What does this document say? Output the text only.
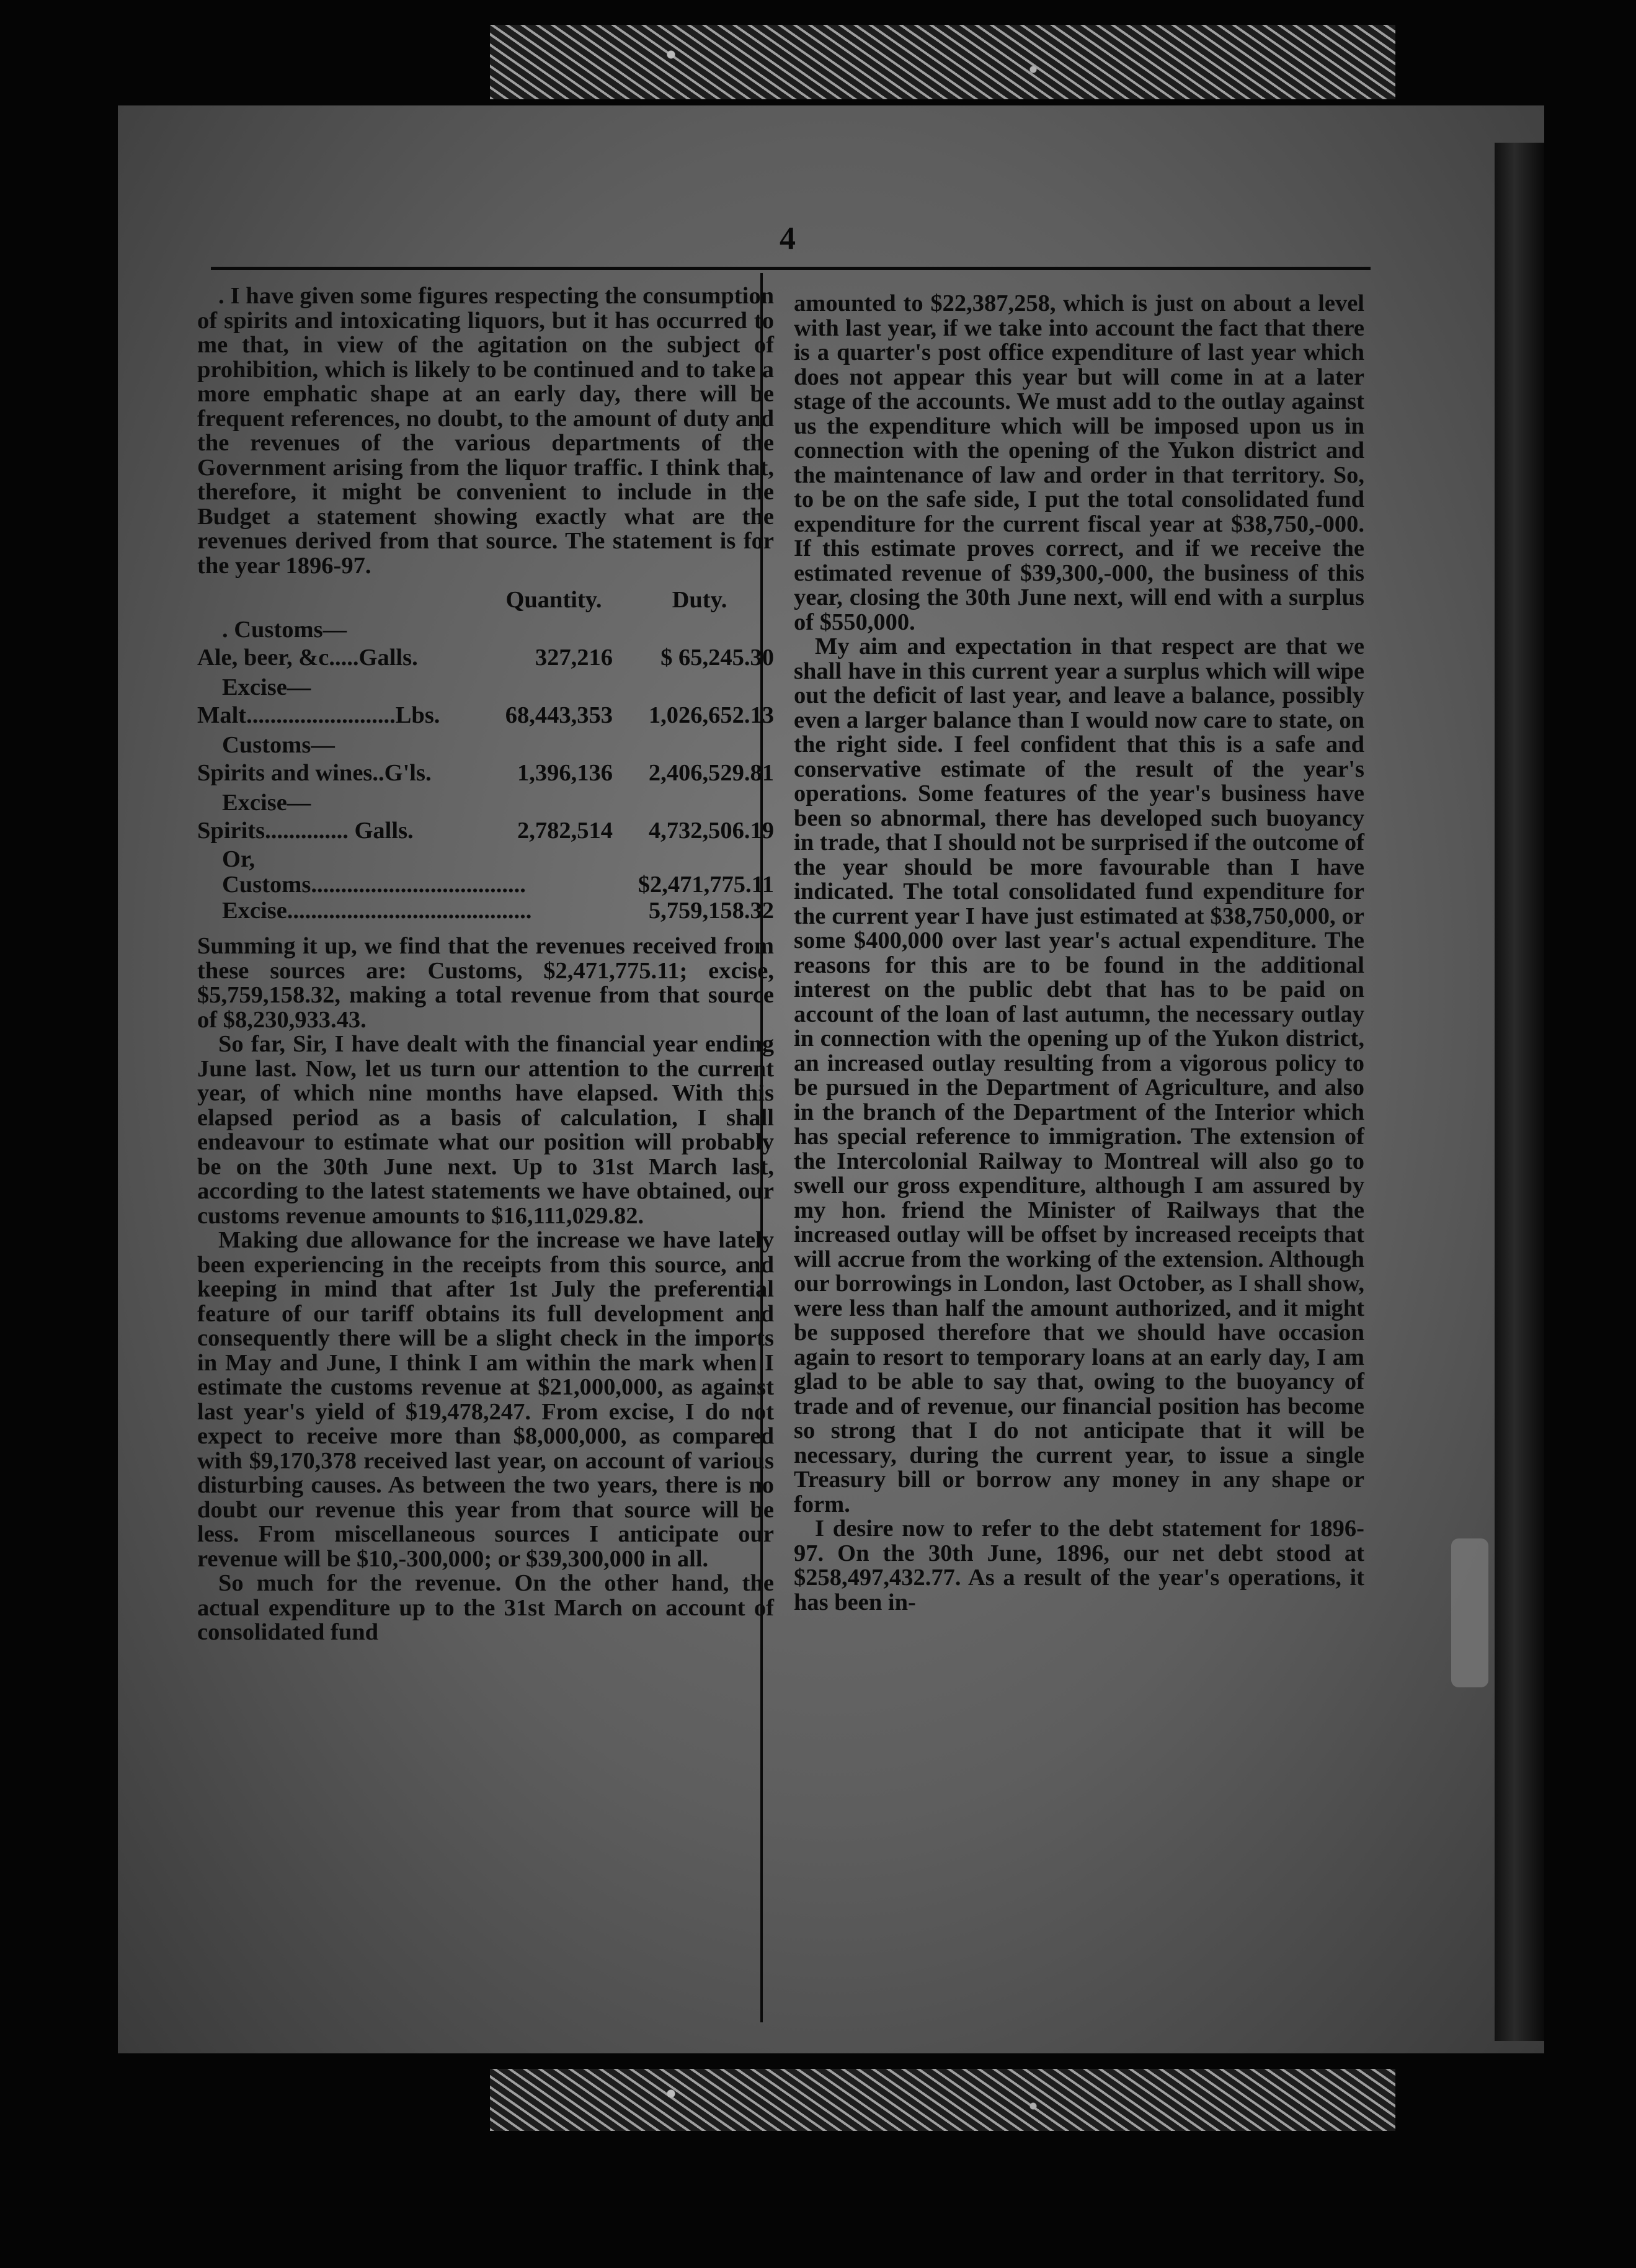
4

. I have given some figures respecting the consumption of spirits and intoxicating liquors, but it has occurred to me that, in view of the agitation on the subject of prohibition, which is likely to be continued and to take a more emphatic shape at an early day, there will be frequent references, no doubt, to the amount of duty and the revenues of the various departments of the Government arising from the liquor traffic. I think that, therefore, it might be convenient to include in the Budget a statement showing exactly what are the revenues derived from that source. The statement is for the year 1896-97.

Quantity.	Duty.
. Customs—
Ale, beer, &c.....Galls.	327,216	$ 65,245.30
Excise—
Malt.........................Lbs.	68,443,353	1,026,652.13
Customs—
Spirits and wines..G'ls.	1,396,136	2,406,529.81
Excise—
Spirits.............. Galls.	2,782,514	4,732,506.19
Or,
Customs....................................	$2,471,775.11
Excise.........................................	5,759,158.32

Summing it up, we find that the revenues received from these sources are: Customs, $2,471,775.11; excise, $5,759,158.32, making a total revenue from that source of $8,230,933.43.

So far, Sir, I have dealt with the financial year ending June last. Now, let us turn our attention to the current year, of which nine months have elapsed. With this elapsed period as a basis of calculation, I shall endeavour to estimate what our position will probably be on the 30th June next. Up to 31st March last, according to the latest statements we have obtained, our customs revenue amounts to $16,111,029.82.

Making due allowance for the increase we have lately been experiencing in the receipts from this source, and keeping in mind that after 1st July the preferential feature of our tariff obtains its full development and consequently there will be a slight check in the imports in May and June, I think I am within the mark when I estimate the customs revenue at $21,000,000, as against last year's yield of $19,478,247. From excise, I do not expect to receive more than $8,000,000, as compared with $9,170,378 received last year, on account of various disturbing causes. As between the two years, there is no doubt our revenue this year from that source will be less. From miscellaneous sources I anticipate our revenue will be $10,-300,000; or $39,300,000 in all.

So much for the revenue. On the other hand, the actual expenditure up to the 31st March on account of consolidated fund

amounted to $22,387,258, which is just on about a level with last year, if we take into account the fact that there is a quarter's post office expenditure of last year which does not appear this year but will come in at a later stage of the accounts. We must add to the outlay against us the expenditure which will be imposed upon us in connection with the opening of the Yukon district and the maintenance of law and order in that territory. So, to be on the safe side, I put the total consolidated fund expenditure for the current fiscal year at $38,750,-000. If this estimate proves correct, and if we receive the estimated revenue of $39,300,-000, the business of this year, closing the 30th June next, will end with a surplus of $550,000.

My aim and expectation in that respect are that we shall have in this current year a surplus which will wipe out the deficit of last year, and leave a balance, possibly even a larger balance than I would now care to state, on the right side. I feel confident that this is a safe and conservative estimate of the result of the year's operations. Some features of the year's business have been so abnormal, there has developed such buoyancy in trade, that I should not be surprised if the outcome of the year should be more favourable than I have indicated. The total consolidated fund expenditure for the current year I have just estimated at $38,750,000, or some $400,000 over last year's actual expenditure. The reasons for this are to be found in the additional interest on the public debt that has to be paid on account of the loan of last autumn, the necessary outlay in connection with the opening up of the Yukon district, an increased outlay resulting from a vigorous policy to be pursued in the Department of Agriculture, and also in the branch of the Department of the Interior which has special reference to immigration. The extension of the Intercolonial Railway to Montreal will also go to swell our gross expenditure, although I am assured by my hon. friend the Minister of Railways that the increased outlay will be offset by increased receipts that will accrue from the working of the extension. Although our borrowings in London, last October, as I shall show, were less than half the amount authorized, and it might be supposed therefore that we should have occasion again to resort to temporary loans at an early day, I am glad to be able to say that, owing to the buoyancy of trade and of revenue, our financial position has become so strong that I do not anticipate that it will be necessary, during the current year, to issue a single Treasury bill or borrow any money in any shape or form.

I desire now to refer to the debt statement for 1896-97. On the 30th June, 1896, our net debt stood at $258,497,432.77. As a result of the year's operations, it has been in-
